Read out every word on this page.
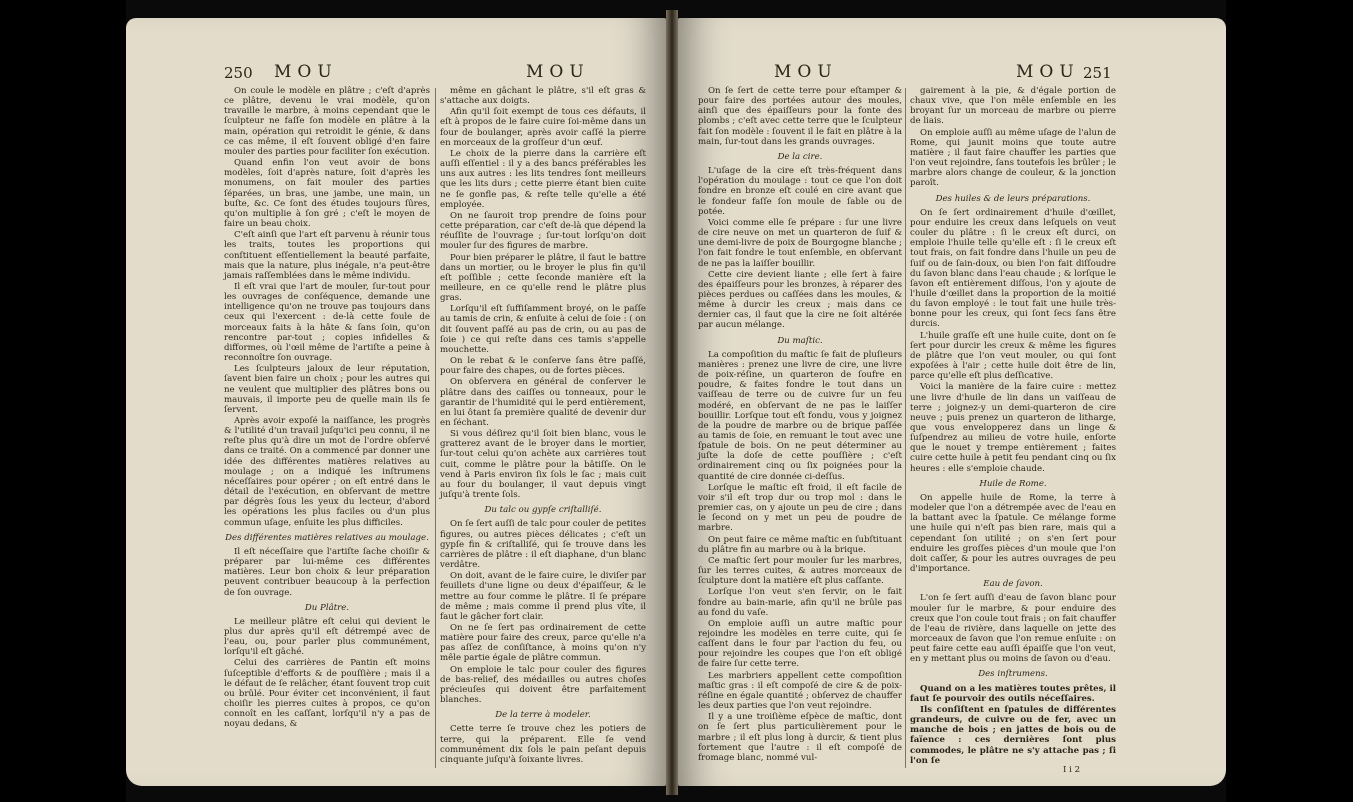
250 MOU	MOU

On coule le modèle en plâtre ; c'eſt d'après ce plâtre, devenu le vrai modèle, qu'on travaille le marbre, à moins cependant que le ſculpteur ne faſſe ſon modèle en plâtre à la main, opération qui retroidit le génie, & dans ce cas même, il eſt ſouvent obligé d'en faire mouler des parties pour faciliter ſon exécution.

Quand enfin l'on veut avoir de bons modèles, ſoit d'après nature, ſoit d'après les monumens, on fait mouler des parties ſéparées, un bras, une jambe, une main, un buſte, &c. Ce ſont des études toujours ſûres, qu'on multiplie à ſon gré ; c'eſt le moyen de faire un beau choix.

C'eſt ainſi que l'art eſt parvenu à réunir tous les traits, toutes les proportions qui conſtituent eſſentiellement la beauté parfaite, mais que la nature, plus inégale, n'a peut-être jamais raſſemblées dans le même individu.

Il eſt vrai que l'art de mouler, ſur-tout pour les ouvrages de conſéquence, demande une intelligence qu'on ne trouve pas toujours dans ceux qui l'exercent : de-là cette foule de morceaux faits à la hâte & ſans ſoin, qu'on rencontre par-tout ; copies infidelles & difformes, où l'œil même de l'artiſte a peine à reconnoître ſon ouvrage.

Les ſculpteurs jaloux de leur réputation, ſavent bien faire un choix ; pour les autres qui ne veulent que multiplier des plâtres bons ou mauvais, il importe peu de quelle main ils ſe ſervent.

Après avoir expoſé la naiſſance, les progrès & l'utilité d'un travail juſqu'ici peu connu, il ne reſte plus qu'à dire un mot de l'ordre obſervé dans ce traité. On a commencé par donner une idée des différentes matières relatives au moulage ; on a indiqué les inſtrumens néceſſaires pour opérer ; on eſt entré dans le détail de l'exécution, en obſervant de mettre par dégrès ſous les yeux du lecteur, d'abord les opérations les plus faciles ou d'un plus commun uſage, enſuite les plus difficiles.

Des différentes matières relatives au moulage.

Il eſt néceſſaire que l'artiſte ſache choiſir & préparer par lui-même ces différentes matières. Leur bon choix & leur préparation peuvent contribuer beaucoup à la perfection de ſon ouvrage.

Du Plâtre.

Le meilleur plâtre eſt celui qui devient le plus dur après qu'il eſt détrempé avec de l'eau, ou, pour parler plus communément, lorſqu'il eſt gâché.

Celui des carrières de Pantin eſt moins ſuſceptible d'efforts & de pouſſière ; mais il a le défaut de ſe relâcher, étant ſouvent trop cuit ou brûlé. Pour éviter cet inconvénient, il faut choiſir les pierres cuites à propos, ce qu'on connoît en les caſſant, lorſqu'il n'y a pas de noyau dedans, &

même en gâchant le plâtre, s'il eſt gras & s'attache aux doigts.

Afin qu'il ſoit exempt de tous ces défauts, il eſt à propos de le faire cuire ſoi-même dans un four de boulanger, après avoir caſſé la pierre en morceaux de la groſſeur d'un œuf.

Le choix de la pierre dans la carrière eſt auſſi eſſentiel : il y a des bancs préférables les uns aux autres : les lits tendres ſont meilleurs que les lits durs ; cette pierre étant bien cuite ne ſe gonfle pas, & reſte telle qu'elle a été employée.

On ne ſauroit trop prendre de ſoins pour cette préparation, car c'eſt de-là que dépend la réuſſite de l'ouvrage ; ſur-tout lorſqu'on doit mouler ſur des figures de marbre.

Pour bien préparer le plâtre, il faut le battre dans un mortier, ou le broyer le plus fin qu'il eſt poſſible ; cette ſeconde manière eſt la meilleure, en ce qu'elle rend le plâtre plus gras.

Lorſqu'il eſt ſuffiſamment broyé, on le paſſe au tamis de crin, & enſuite à celui de ſoie : ( on dit ſouvent paſſé au pas de crin, ou au pas de ſoie ) ce qui reſte dans ces tamis s'appelle mouchette.

On le rebat & le conſerve ſans être paſſé, pour faire des chapes, ou de fortes pièces.

On obſervera en général de conſerver le plâtre dans des caiſſes ou tonneaux, pour le garantir de l'humidité qui le perd entièrement, en lui ôtant ſa première qualité de devenir dur en ſéchant.

Si vous déſirez qu'il ſoit bien blanc, vous le gratterez avant de le broyer dans le mortier, ſur-tout celui qu'on achète aux carrières tout cuit, comme le plâtre pour la bâtiſſe. On le vend à Paris environ ſix ſols le ſac ; mais cuit au four du boulanger, il vaut depuis vingt juſqu'à trente ſols.

Du talc ou gypſe criſtalliſé.

On ſe ſert auſſi de talc pour couler de petites figures, ou autres pièces délicates ; c'eſt un gypſe fin & criſtalliſé, qui ſe trouve dans les carrières de plâtre : il eſt diaphane, d'un blanc verdâtre.

On doit, avant de le faire cuire, le diviſer par feuillets d'une ligne ou deux d'épaiſſeur, & le mettre au four comme le plâtre. Il ſe prépare de même ; mais comme il prend plus vîte, il faut le gâcher fort clair.

On ne ſe ſert pas ordinairement de cette matière pour faire des creux, parce qu'elle n'a pas aſſez de conſiſtance, à moins qu'on n'y mêle partie égale de plâtre commun.

On emploie le talc pour couler des figures de bas-relief, des médailles ou autres choſes précieuſes qui doivent être parfaitement blanches.

De la terre à modeler.

Cette terre ſe trouve chez les potiers de terre, qui la préparent. Elle ſe vend communément dix ſols le pain peſant depuis cinquante juſqu'à ſoixante livres.

MOU	MOU 251

On ſe ſert de cette terre pour eſtamper & pour faire des portées autour des moules, ainſi que des épaiſſeurs pour la fonte des plombs ; c'eſt avec cette terre que le ſculpteur fait ſon modèle : ſouvent il le fait en plâtre à la main, ſur-tout dans les grands ouvrages.

De la cire.

L'uſage de la cire eſt très-fréquent dans l'opération du moulage : tout ce que l'on doit fondre en bronze eſt coulé en cire avant que le fondeur faſſe ſon moule de ſable ou de potée.

Voici comme elle ſe prépare : ſur une livre de cire neuve on met un quarteron de ſuif & une demi-livre de poix de Bourgogne blanche ; l'on fait fondre le tout enſemble, en obſervant de ne pas la laiſſer bouillir.

Cette cire devient liante ; elle ſert à faire des épaiſſeurs pour les bronzes, à réparer des pièces perdues ou caſſées dans les moules, & même à durcir les creux ; mais dans ce dernier cas, il faut que la cire ne ſoit altérée par aucun mélange.

Du maſtic.

La compoſition du maſtic ſe fait de pluſieurs manières : prenez une livre de cire, une livre de poix-réſine, un quarteron de ſoufre en poudre, & faites fondre le tout dans un vaiſſeau de terre ou de cuivre ſur un feu modéré, en obſervant de ne pas le laiſſer bouillir. Lorſque tout eſt fondu, vous y joignez de la poudre de marbre ou de brique paſſée au tamis de ſoie, en remuant le tout avec une ſpatule de bois. On ne peut déterminer au juſte la doſe de cette pouſſière ; c'eſt ordinairement cinq ou ſix poignées pour la quantité de cire donnée ci-deſſus.

Lorſque le maſtic eſt froid, il eſt facile de voir s'il eſt trop dur ou trop mol : dans le premier cas, on y ajoute un peu de cire ; dans le ſecond on y met un peu de poudre de marbre.

On peut faire ce même maſtic en ſubſtituant du plâtre fin au marbre ou à la brique.

Ce maſtic ſert pour mouler ſur les marbres, ſur les terres cuites, & autres morceaux de ſculpture dont la matière eſt plus caſſante.

Lorſque l'on veut s'en ſervir, on le fait fondre au bain-marie, afin qu'il ne brûle pas au fond du vaſe.

On emploie auſſi un autre maſtic pour rejoindre les modèles en terre cuite, qui ſe caſſent dans le four par l'action du feu, ou pour rejoindre les coupes que l'on eſt obligé de faire ſur cette terre.

Les marbriers appellent cette compoſition maſtic gras : il eſt compoſé de cire & de poix-réſine en égale quantité ; obſervez de chauffer les deux parties que l'on veut rejoindre.

Il y a une troiſième eſpèce de maſtic, dont on ſe ſert plus particulièrement pour le marbre ; il eſt plus long à durcir, & tient plus fortement que l'autre : il eſt compoſé de fromage blanc, nommé vul-

gairement à la pie, & d'égale portion de chaux vive, que l'on mêle enſemble en les broyant ſur un morceau de marbre ou pierre de liais.

On emploie auſſi au même uſage de l'alun de Rome, qui jaunit moins que toute autre matière ; il faut faire chauffer les parties que l'on veut rejoindre, ſans toutefois les brûler ; le marbre alors change de couleur, & la jonction paroît.

Des huiles & de leurs préparations.

On ſe ſert ordinairement d'huile d'œillet, pour enduire les creux dans leſquels on veut couler du plâtre : ſi le creux eſt durci, on emploie l'huile telle qu'elle eſt : ſi le creux eſt tout frais, on fait fondre dans l'huile un peu de ſuif ou de ſain-doux, ou bien l'on fait diſſoudre du ſavon blanc dans l'eau chaude ; & lorſque le ſavon eſt entièrement diſſous, l'on y ajoute de l'huile d'œillet dans la proportion de la moitié du ſavon employé : le tout fait une huile très-bonne pour les creux, qui ſont ſecs ſans être durcis.

L'huile graſſe eſt une huile cuite, dont on ſe ſert pour durcir les creux & même les figures de plâtre que l'on veut mouler, ou qui ſont expoſées à l'air ; cette huile doit être de lin, parce qu'elle eſt plus deſſicative.

Voici la manière de la faire cuire : mettez une livre d'huile de lin dans un vaiſſeau de terre ; joignez-y un demi-quarteron de cire neuve ; puis prenez un quarteron de litharge, que vous envelopperez dans un linge & ſuſpendrez au milieu de votre huile, enſorte que le nouet y trempe entièrement ; faites cuire cette huile à petit feu pendant cinq ou ſix heures : elle s'emploie chaude.

Huile de Rome.

On appelle huile de Rome, la terre à modeler que l'on a détrempée avec de l'eau en la battant avec la ſpatule. Ce mélange forme une huile qui n'eſt pas bien rare, mais qui a cependant ſon utilité ; on s'en ſert pour enduire les groſſes pièces d'un moule que l'on doit caſſer, & pour les autres ouvrages de peu d'importance.

Eau de ſavon.

L'on ſe ſert auſſi d'eau de ſavon blanc pour mouler ſur le marbre, & pour enduire des creux que l'on coule tout frais ; on fait chauffer de l'eau de rivière, dans laquelle on jette des morceaux de ſavon que l'on remue enſuite : on peut faire cette eau auſſi épaiſſe que l'on veut, en y mettant plus ou moins de ſavon ou d'eau.

Des inſtrumens.

Quand on a les matières toutes prêtes, il faut ſe pourvoir des outils néceſſaires.

Ils conſiſtent en ſpatules de différentes grandeurs, de cuivre ou de fer, avec un manche de bois ; en jattes de bois ou de faïence : ces dernières ſont plus commodes, le plâtre ne s'y attache pas ; ſi l'on ſe

I i 2
